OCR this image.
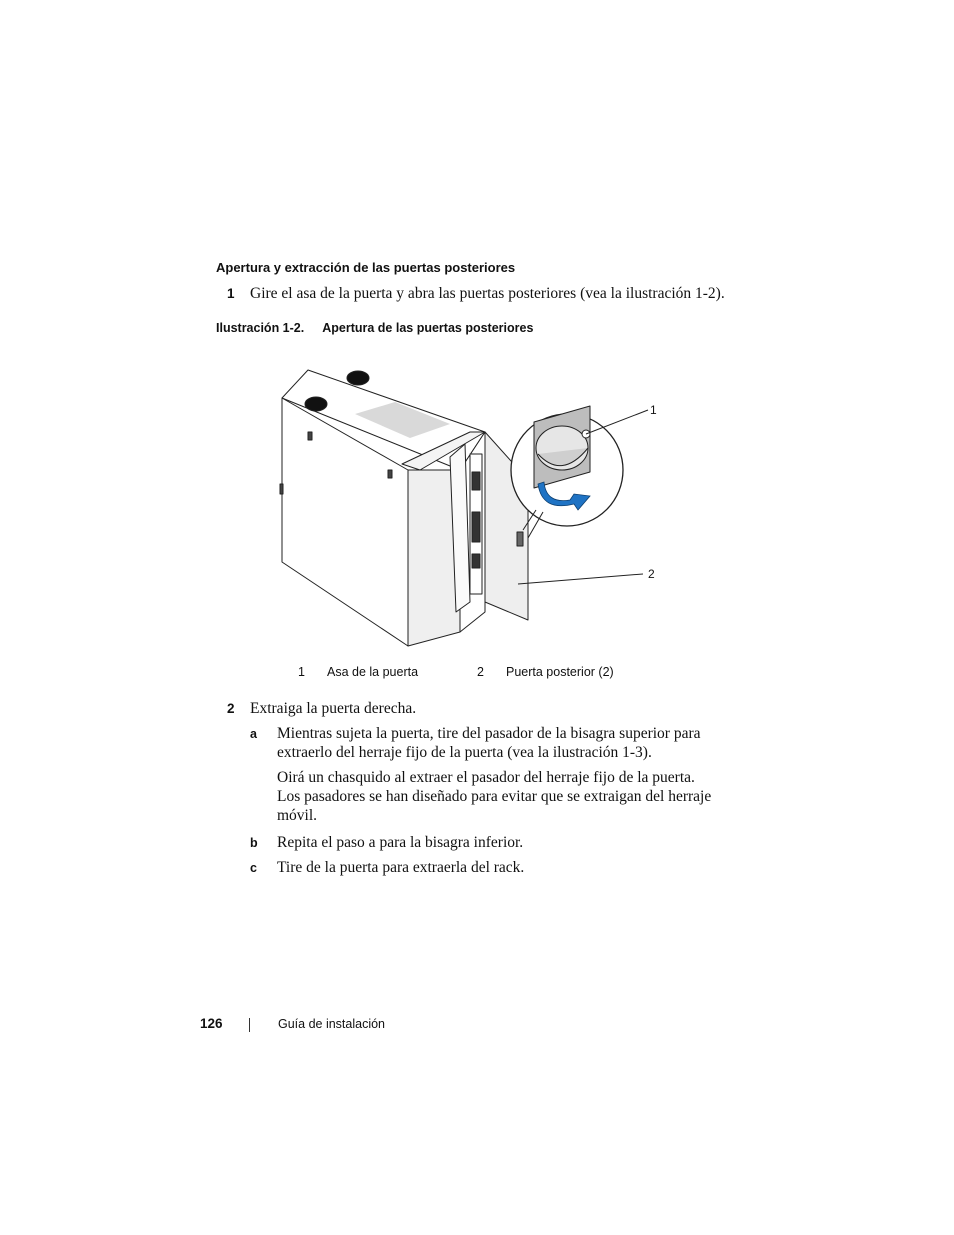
Apertura y extracción de las puertas posteriores
1 Gire el asa de la puerta y abra las puertas posteriores (vea la ilustración 1-2).
Ilustración 1-2. Apertura de las puertas posteriores
1
2
1 Asa de la puerta	2 Puerta posterior (2)
2 Extraiga la puerta derecha.
a Mientras sujeta la puerta, tire del pasador de la bisagra superior para extraerlo del herraje fijo de la puerta (vea la ilustración 1-3).
Oirá un chasquido al extraer el pasador del herraje fijo de la puerta. Los pasadores se han diseñado para evitar que se extraigan del herraje móvil.
b Repita el paso a para la bisagra inferior.
c Tire de la puerta para extraerla del rack.
126	Guía de instalación
